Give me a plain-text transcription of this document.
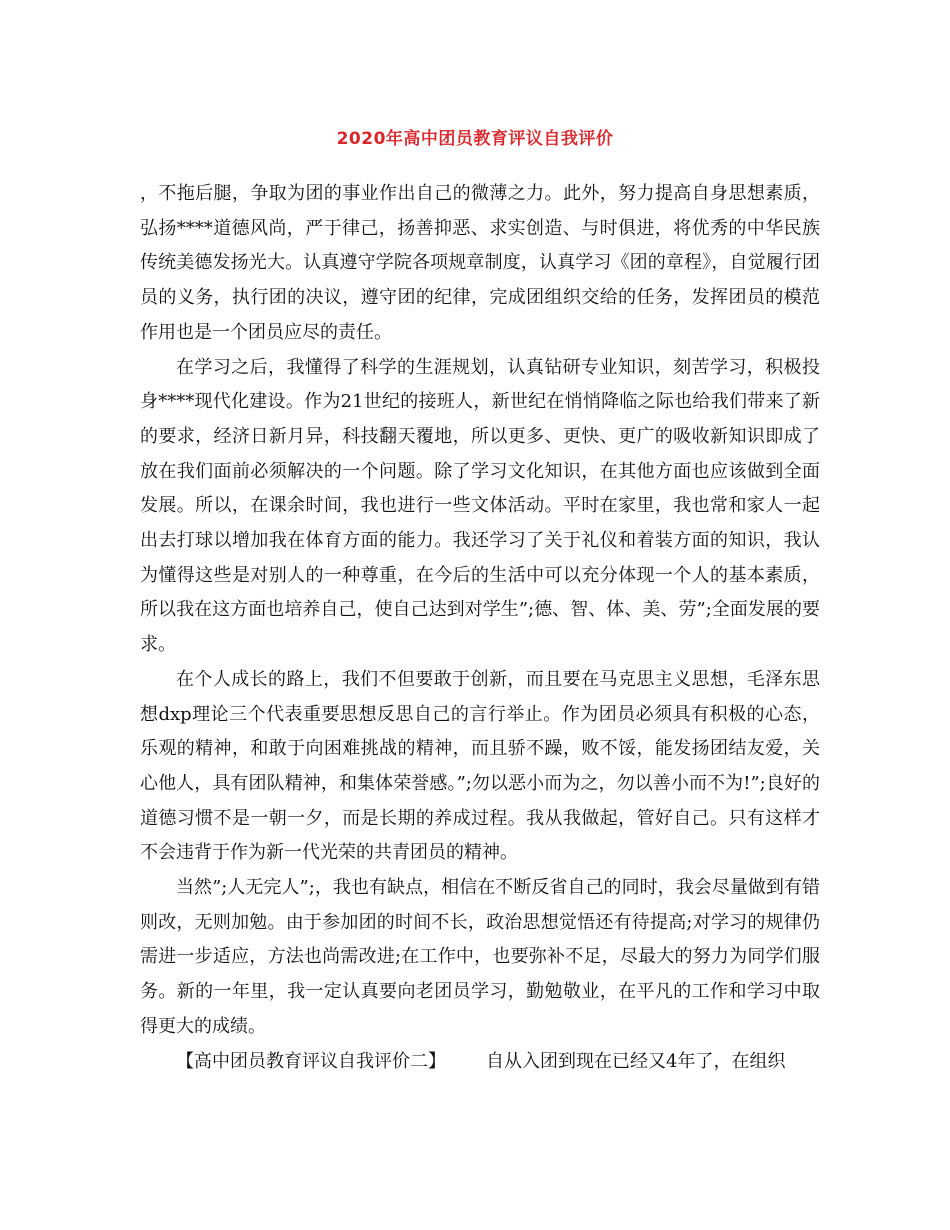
2020年高中团员教育评议自我评价

，不拖后腿，争取为团的事业作出自己的微薄之力。此外，努力提高自身思想素质，弘扬****道德风尚，严于律己，扬善抑恶、求实创造、与时俱进，将优秀的中华民族传统美德发扬光大。认真遵守学院各项规章制度，认真学习《团的章程》，自觉履行团员的义务，执行团的决议，遵守团的纪律，完成团组织交给的任务，发挥团员的模范作用也是一个团员应尽的责任。

在学习之后，我懂得了科学的生涯规划，认真钻研专业知识，刻苦学习，积极投身****现代化建设。作为21世纪的接班人，新世纪在悄悄降临之际也给我们带来了新的要求，经济日新月异，科技翻天覆地，所以更多、更快、更广的吸收新知识即成了放在我们面前必须解决的一个问题。除了学习文化知识，在其他方面也应该做到全面发展。所以，在课余时间，我也进行一些文体活动。平时在家里，我也常和家人一起出去打球以增加我在体育方面的能力。我还学习了关于礼仪和着装方面的知识，我认为懂得这些是对别人的一种尊重，在今后的生活中可以充分体现一个人的基本素质，所以我在这方面也培养自己，使自己达到对学生”;德、智、体、美、劳”;全面发展的要求。

在个人成长的路上，我们不但要敢于创新，而且要在马克思主义思想，毛泽东思想dxp理论三个代表重要思想反思自己的言行举止。作为团员必须具有积极的心态，乐观的精神，和敢于向困难挑战的精神，而且骄不躁，败不馁，能发扬团结友爱，关心他人，具有团队精神，和集体荣誉感。”;勿以恶小而为之，勿以善小而不为!”;良好的道德习惯不是一朝一夕，而是长期的养成过程。我从我做起，管好自己。只有这样才不会违背于作为新一代光荣的共青团员的精神。

当然”;人无完人”;，我也有缺点，相信在不断反省自己的同时，我会尽量做到有错则改，无则加勉。由于参加团的时间不长，政治思想觉悟还有待提高;对学习的规律仍需进一步适应，方法也尚需改进;在工作中，也要弥补不足，尽最大的努力为同学们服务。新的一年里，我一定认真要向老团员学习，勤勉敬业，在平凡的工作和学习中取得更大的成绩。

【高中团员教育评议自我评价二】 自从入团到现在已经又4年了，在组织
